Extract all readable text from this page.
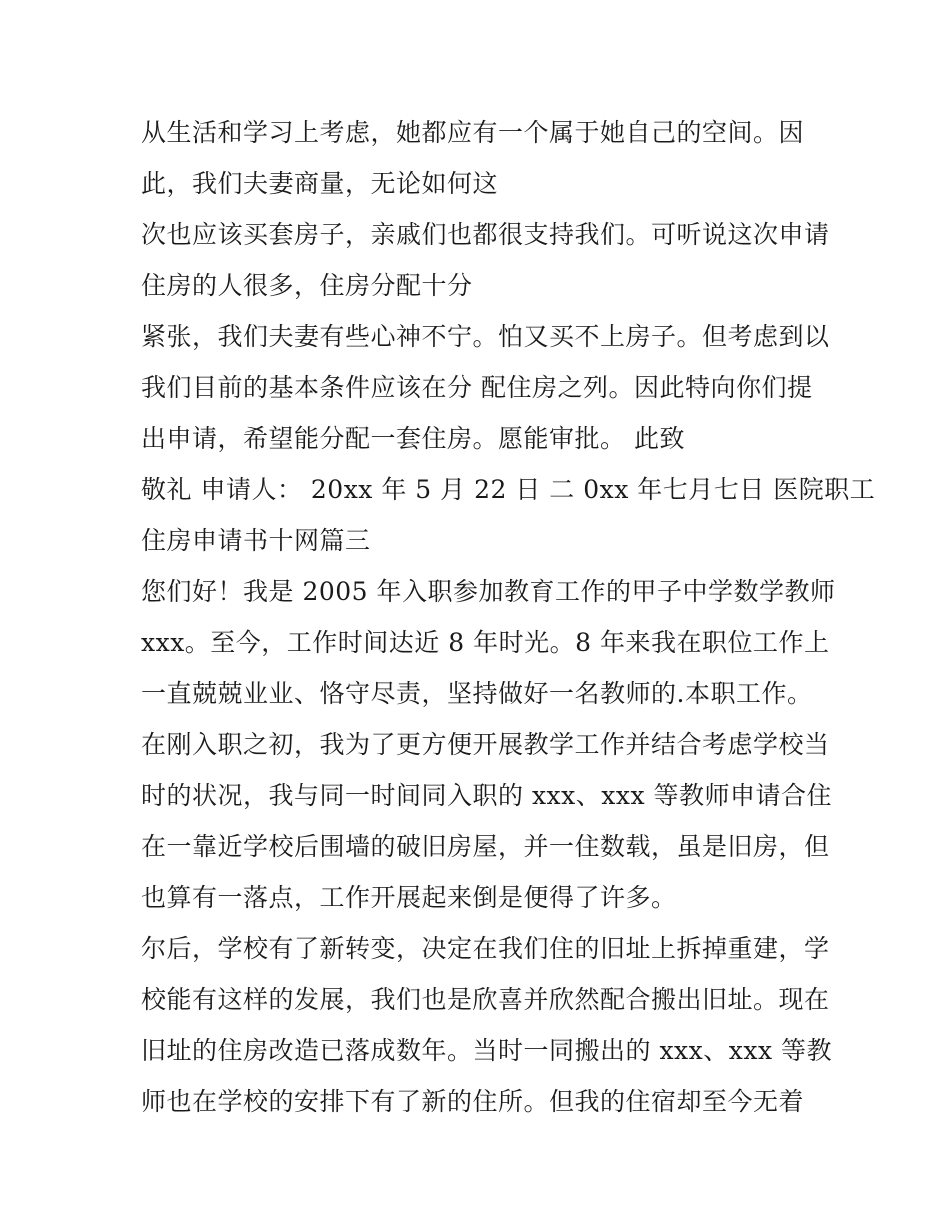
从生活和学习上考虑，她都应有一个属于她自己的空间。因
此，我们夫妻商量，无论如何这
次也应该买套房子，亲戚们也都很支持我们。可听说这次申请
住房的人很多，住房分配十分
紧张，我们夫妻有些心神不宁。怕又买不上房子。但考虑到以
我们目前的基本条件应该在分 配住房之列。因此特向你们提
出申请，希望能分配一套住房。愿能审批。 此致
敬礼 申请人： 20xx 年 5 月 22 日 二 0xx 年七月七日 医院职工
住房申请书十网篇三
您们好！我是 2005 年入职参加教育工作的甲子中学数学教师
xxx。至今，工作时间达近 8 年时光。8 年来我在职位工作上
一直兢兢业业、恪守尽责，坚持做好一名教师的.本职工作。
在刚入职之初，我为了更方便开展教学工作并结合考虑学校当
时的状况，我与同一时间同入职的 xxx、xxx 等教师申请合住
在一靠近学校后围墙的破旧房屋，并一住数载，虽是旧房，但
也算有一落点，工作开展起来倒是便得了许多。
尔后，学校有了新转变，决定在我们住的旧址上拆掉重建，学
校能有这样的发展，我们也是欣喜并欣然配合搬出旧址。现在
旧址的住房改造已落成数年。当时一同搬出的 xxx、xxx 等教
师也在学校的安排下有了新的住所。但我的住宿却至今无着
